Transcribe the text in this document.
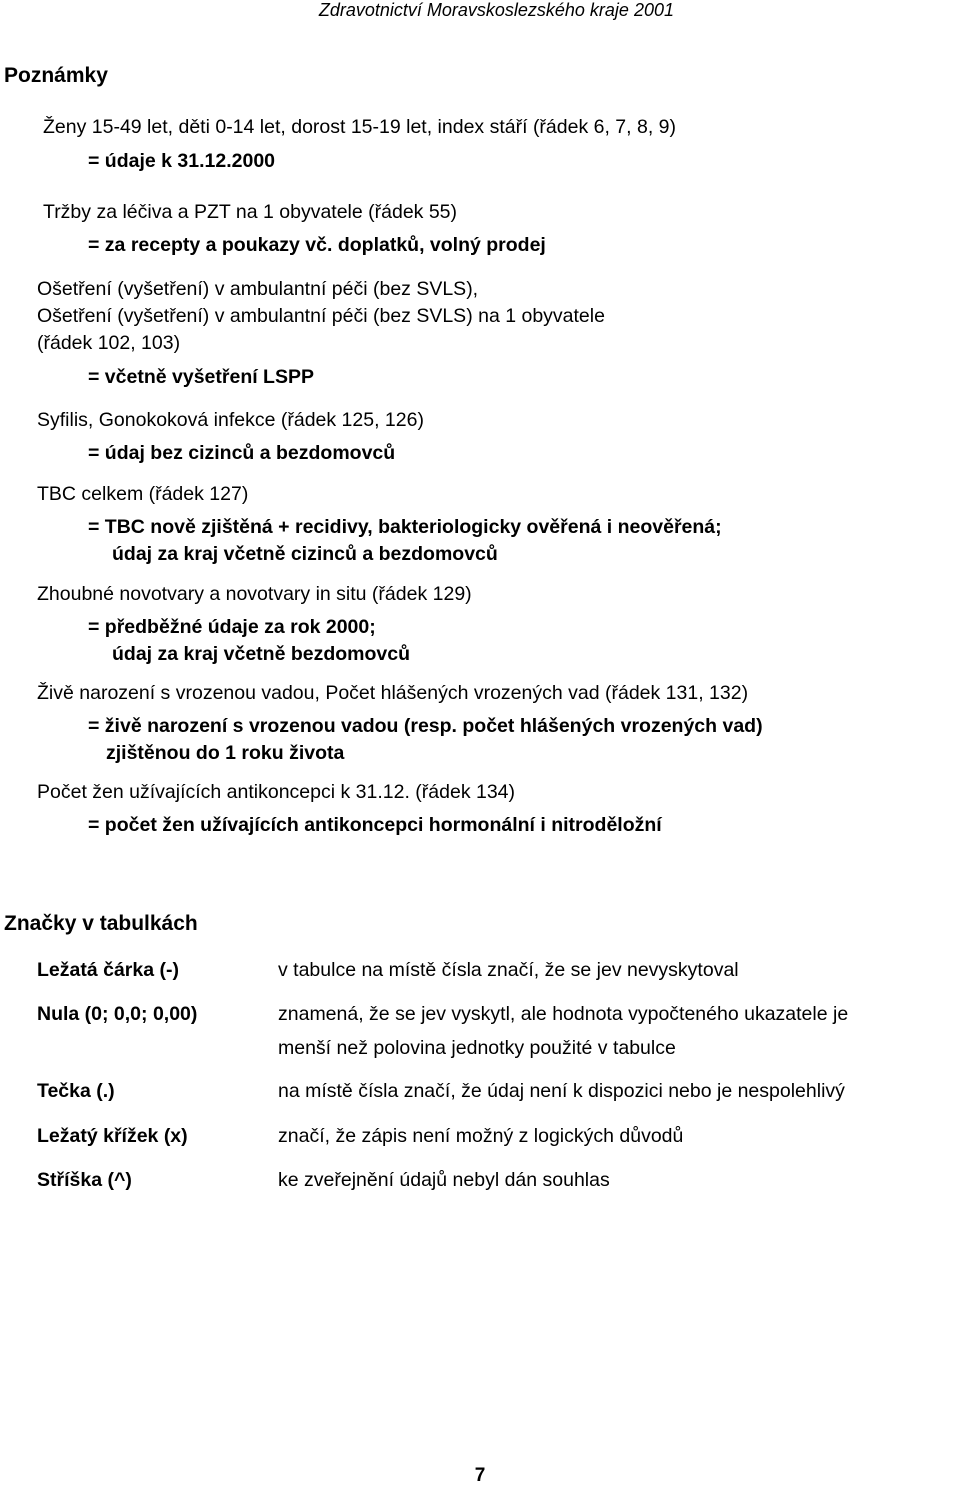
Zdravotnictví Moravskoslezského kraje 2001
Poznámky
Ženy 15-49 let, děti 0-14 let, dorost 15-19 let, index stáří (řádek 6, 7, 8, 9)
= údaje k 31.12.2000
Tržby za léčiva a PZT na 1 obyvatele (řádek 55)
= za recepty a poukazy vč. doplatků, volný prodej
Ošetření (vyšetření) v ambulantní péči (bez SVLS),
Ošetření (vyšetření) v ambulantní péči (bez SVLS) na 1 obyvatele
(řádek 102, 103)
= včetně vyšetření LSPP
Syfilis, Gonokoková infekce (řádek 125, 126)
= údaj bez cizinců a bezdomovců
TBC celkem (řádek 127)
= TBC nově zjištěná + recidivy, bakteriologicky ověřená i neověřená;
údaj za kraj včetně cizinců a bezdomovců
Zhoubné novotvary a novotvary in situ (řádek 129)
= předběžné údaje za rok 2000;
údaj za kraj včetně bezdomovců
Živě narození s vrozenou vadou, Počet hlášených vrozených vad (řádek 131, 132)
= živě narození s vrozenou vadou (resp. počet hlášených vrozených vad)
zjištěnou do 1 roku života
Počet žen užívajících antikoncepci k 31.12. (řádek 134)
= počet žen užívajících antikoncepci hormonální i nitroděložní
Značky v tabulkách
Ležatá čárka (-)	v tabulce na místě čísla značí, že se jev nevyskytoval
Nula (0; 0,0; 0,00)	znamená, že se jev vyskytl, ale hodnota vypočteného ukazatele je
menší než polovina jednotky použité v tabulce
Tečka (.)	na místě čísla značí, že údaj není k dispozici nebo je nespolehlivý
Ležatý křížek (x)	značí, že zápis není možný z logických důvodů
Stříška (^)	ke zveřejnění údajů nebyl dán souhlas
7
